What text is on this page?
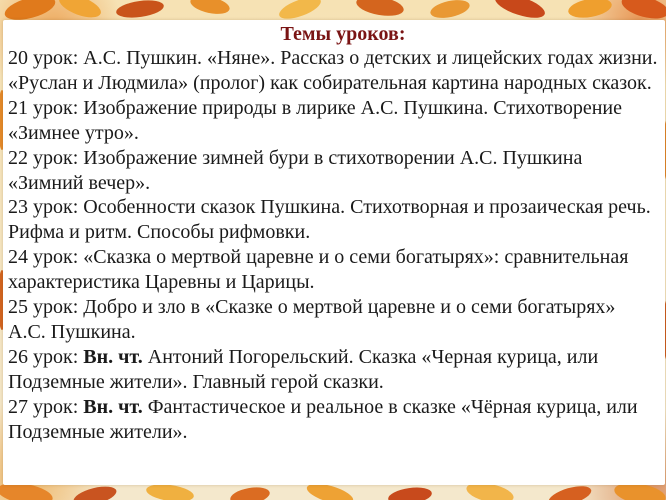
Темы уроков:

20 урок: А.С. Пушкин. «Няне». Рассказ о детских и лицейских годах жизни. «Руслан и Людмила» (пролог) как собирательная картина народных сказок.

21 урок: Изображение природы в лирике А.С. Пушкина. Стихотворение «Зимнее утро».

22 урок: Изображение зимней бури в стихотворении А.С. Пушкина «Зимний вечер».

23 урок: Особенности сказок Пушкина. Стихотворная и прозаическая речь. Рифма и ритм. Способы рифмовки.

24 урок: «Сказка о мертвой царевне и о семи богатырях»: сравнительная характеристика Царевны и Царицы.

25 урок: Добро и зло в «Сказке о мертвой царевне и о семи богатырях» А.С. Пушкина.

26 урок: Вн. чт. Антоний Погорельский. Сказка «Черная курица, или Подземные жители». Главный герой сказки.

27 урок: Вн. чт. Фантастическое и реальное в сказке «Чёрная курица, или Подземные жители».
